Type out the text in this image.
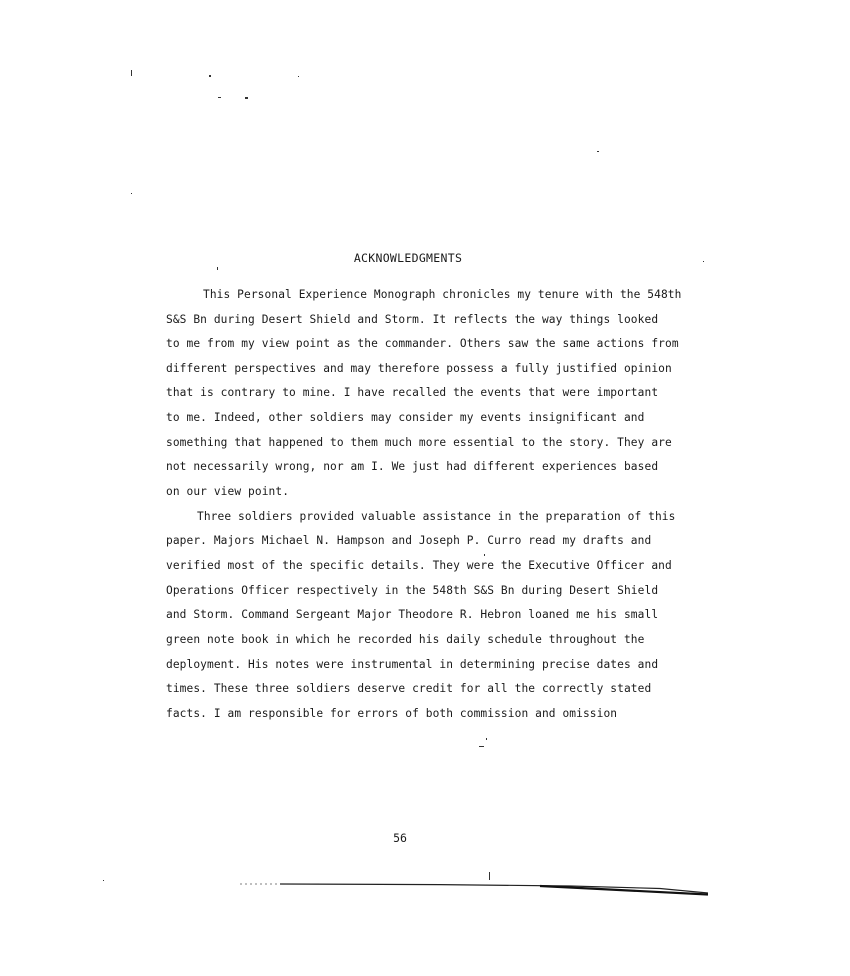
ACKNOWLEDGMENTS
This Personal Experience Monograph chronicles my tenure with the 548th
S&S Bn during Desert Shield and Storm. It reflects the way things looked
to me from my view point as the commander. Others saw the same actions from
different perspectives and may therefore possess a fully justified opinion
that is contrary to mine. I have recalled the events that were important
to me. Indeed, other soldiers may consider my events insignificant and
something that happened to them much more essential to the story. They are
not necessarily wrong, nor am I. We just had different experiences based
on our view point.
Three soldiers provided valuable assistance in the preparation of this
paper. Majors Michael N. Hampson and Joseph P. Curro read my drafts and
verified most of the specific details. They were the Executive Officer and
Operations Officer respectively in the 548th S&S Bn during Desert Shield
and Storm. Command Sergeant Major Theodore R. Hebron loaned me his small
green note book in which he recorded his daily schedule throughout the
deployment. His notes were instrumental in determining precise dates and
times. These three soldiers deserve credit for all the correctly stated
facts. I am responsible for errors of both commission and omission
56
